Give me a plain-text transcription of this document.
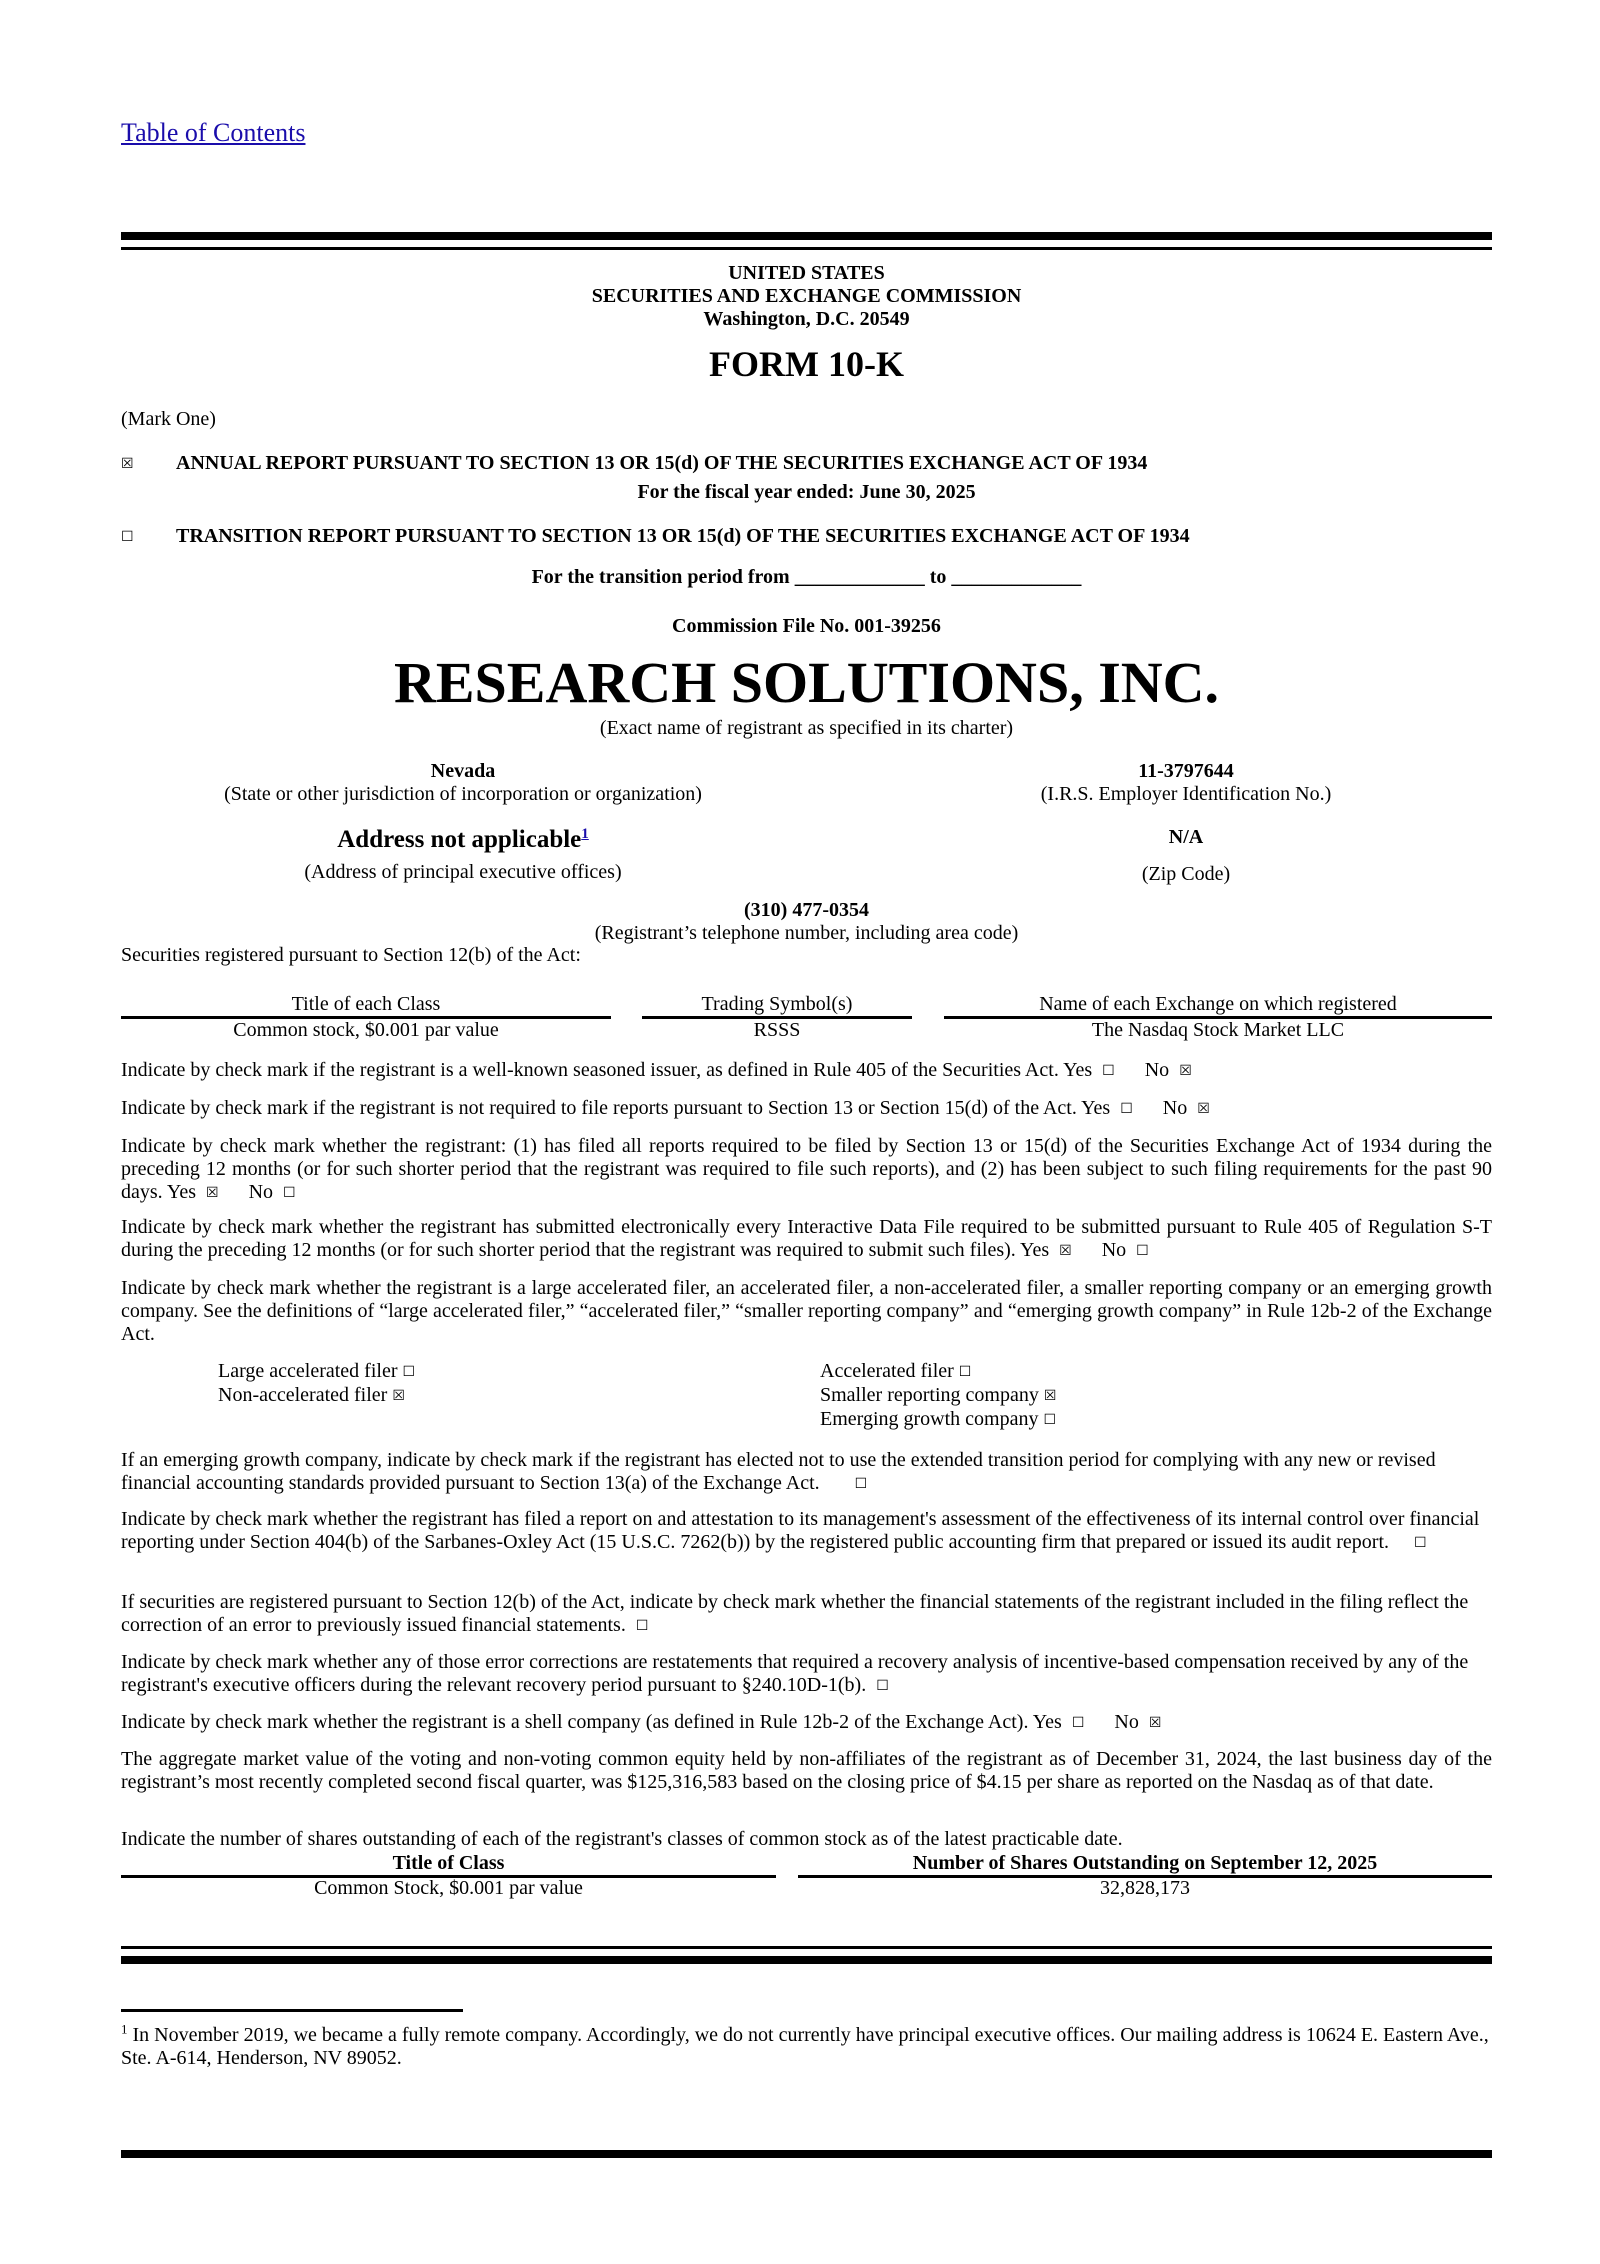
Table of Contents
UNITED STATES
SECURITIES AND EXCHANGE COMMISSION
Washington, D.C. 20549
FORM 10-K
(Mark One)
☒ ANNUAL REPORT PURSUANT TO SECTION 13 OR 15(d) OF THE SECURITIES EXCHANGE ACT OF 1934
For the fiscal year ended: June 30, 2025
☐ TRANSITION REPORT PURSUANT TO SECTION 13 OR 15(d) OF THE SECURITIES EXCHANGE ACT OF 1934
For the transition period from _____________ to _____________
Commission File No. 001-39256
RESEARCH SOLUTIONS, INC.
(Exact name of registrant as specified in its charter)
Nevada
(State or other jurisdiction of incorporation or organization)
11-3797644
(I.R.S. Employer Identification No.)
Address not applicable$^1$
(Address of principal executive offices)
N/A
(Zip Code)
(310) 477-0354
(Registrant’s telephone number, including area code)
Securities registered pursuant to Section 12(b) of the Act:
Title of each Class	Trading Symbol(s)	Name of each Exchange on which registered
Common stock, $0.001 par value	RSSS	The Nasdaq Stock Market LLC
Indicate by check mark if the registrant is a well-known seasoned issuer, as defined in Rule 405 of the Securities Act. Yes ☐ No ☒
Indicate by check mark if the registrant is not required to file reports pursuant to Section 13 or Section 15(d) of the Act. Yes ☐ No ☒
Indicate by check mark whether the registrant: (1) has filed all reports required to be filed by Section 13 or 15(d) of the Securities Exchange Act of 1934 during the preceding 12 months (or for such shorter period that the registrant was required to file such reports), and (2) has been subject to such filing requirements for the past 90 days. Yes ☒ No ☐
Indicate by check mark whether the registrant has submitted electronically every Interactive Data File required to be submitted pursuant to Rule 405 of Regulation S-T during the preceding 12 months (or for such shorter period that the registrant was required to submit such files). Yes ☒ No ☐
Indicate by check mark whether the registrant is a large accelerated filer, an accelerated filer, a non-accelerated filer, a smaller reporting company or an emerging growth company. See the definitions of “large accelerated filer,” “accelerated filer,” “smaller reporting company” and “emerging growth company” in Rule 12b-2 of the Exchange Act.
Large accelerated filer ☐
Non-accelerated filer ☒
Accelerated filer ☐
Smaller reporting company ☒
Emerging growth company ☐
If an emerging growth company, indicate by check mark if the registrant has elected not to use the extended transition period for complying with any new or revised financial accounting standards provided pursuant to Section 13(a) of the Exchange Act.	☐
Indicate by check mark whether the registrant has filed a report on and attestation to its management's assessment of the effectiveness of its internal control over financial reporting under Section 404(b) of the Sarbanes-Oxley Act (15 U.S.C. 7262(b)) by the registered public accounting firm that prepared or issued its audit report. ☐
If securities are registered pursuant to Section 12(b) of the Act, indicate by check mark whether the financial statements of the registrant included in the filing reflect the correction of an error to previously issued financial statements. ☐
Indicate by check mark whether any of those error corrections are restatements that required a recovery analysis of incentive-based compensation received by any of the registrant's executive officers during the relevant recovery period pursuant to §240.10D-1(b). ☐
Indicate by check mark whether the registrant is a shell company (as defined in Rule 12b-2 of the Exchange Act). Yes ☐ No ☒
The aggregate market value of the voting and non-voting common equity held by non-affiliates of the registrant as of December 31, 2024, the last business day of the registrant’s most recently completed second fiscal quarter, was $125,316,583 based on the closing price of $4.15 per share as reported on the Nasdaq as of that date.
Indicate the number of shares outstanding of each of the registrant's classes of common stock as of the latest practicable date.
Title of Class	Number of Shares Outstanding on September 12, 2025
Common Stock, $0.001 par value	32,828,173
$^1$ In November 2019, we became a fully remote company. Accordingly, we do not currently have principal executive offices. Our mailing address is 10624 E. Eastern Ave., Ste. A-614, Henderson, NV 89052.
